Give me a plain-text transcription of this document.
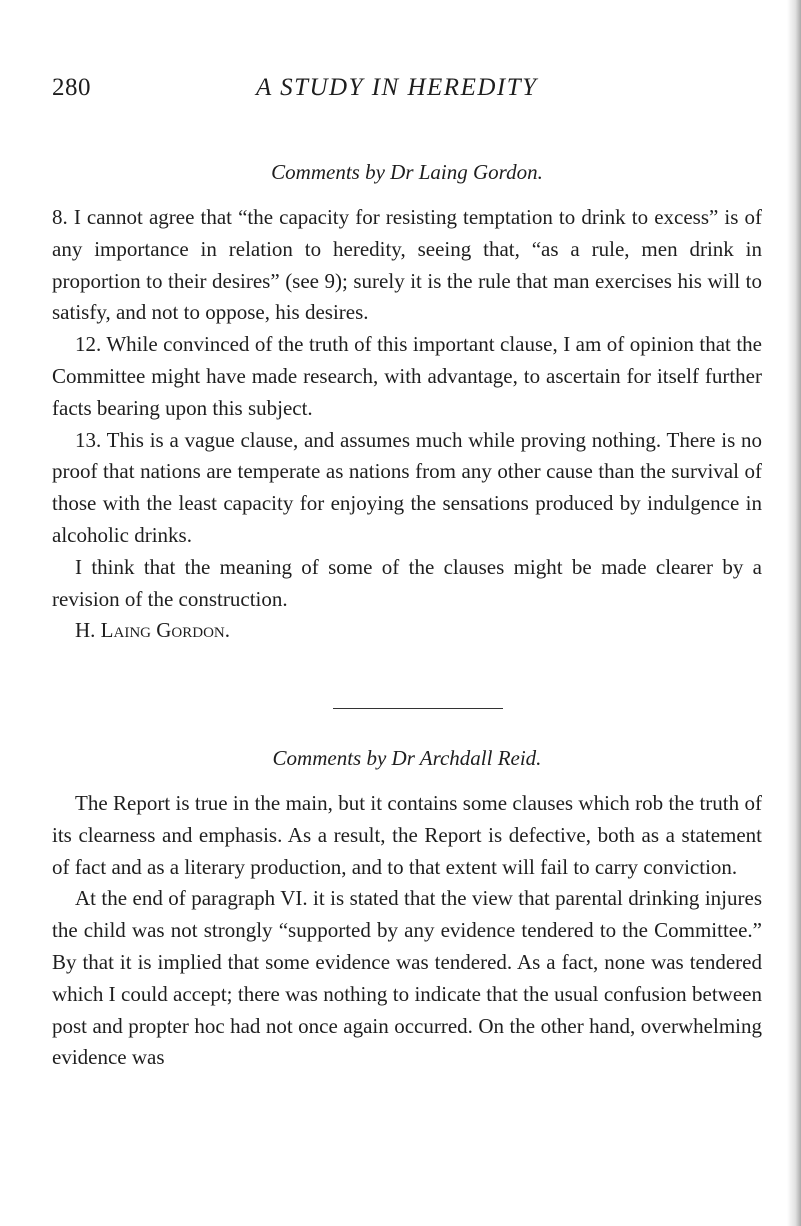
280	A STUDY IN HEREDITY
Comments by Dr Laing Gordon.

8. I cannot agree that “the capacity for resisting temptation to drink to excess” is of any importance in relation to heredity, seeing that, “as a rule, men drink in proportion to their desires” (see 9); surely it is the rule that man exercises his will to satisfy, and not to oppose, his desires.

12. While convinced of the truth of this important clause, I am of opinion that the Committee might have made research, with advantage, to ascertain for itself further facts bearing upon this subject.

13. This is a vague clause, and assumes much while proving nothing. There is no proof that nations are temperate as nations from any other cause than the survival of those with the least capacity for enjoying the sensations produced by indulgence in alcoholic drinks.

I think that the meaning of some of the clauses might be made clearer by a revision of the construction.

H. Laing Gordon.

Comments by Dr Archdall Reid.

The Report is true in the main, but it contains some clauses which rob the truth of its clearness and emphasis. As a result, the Report is defective, both as a statement of fact and as a literary production, and to that extent will fail to carry conviction.

At the end of paragraph VI. it is stated that the view that parental drinking injures the child was not strongly “supported by any evidence tendered to the Committee.” By that it is implied that some evidence was tendered. As a fact, none was tendered which I could accept; there was nothing to indicate that the usual confusion between post and propter hoc had not once again occurred. On the other hand, overwhelming evidence was
